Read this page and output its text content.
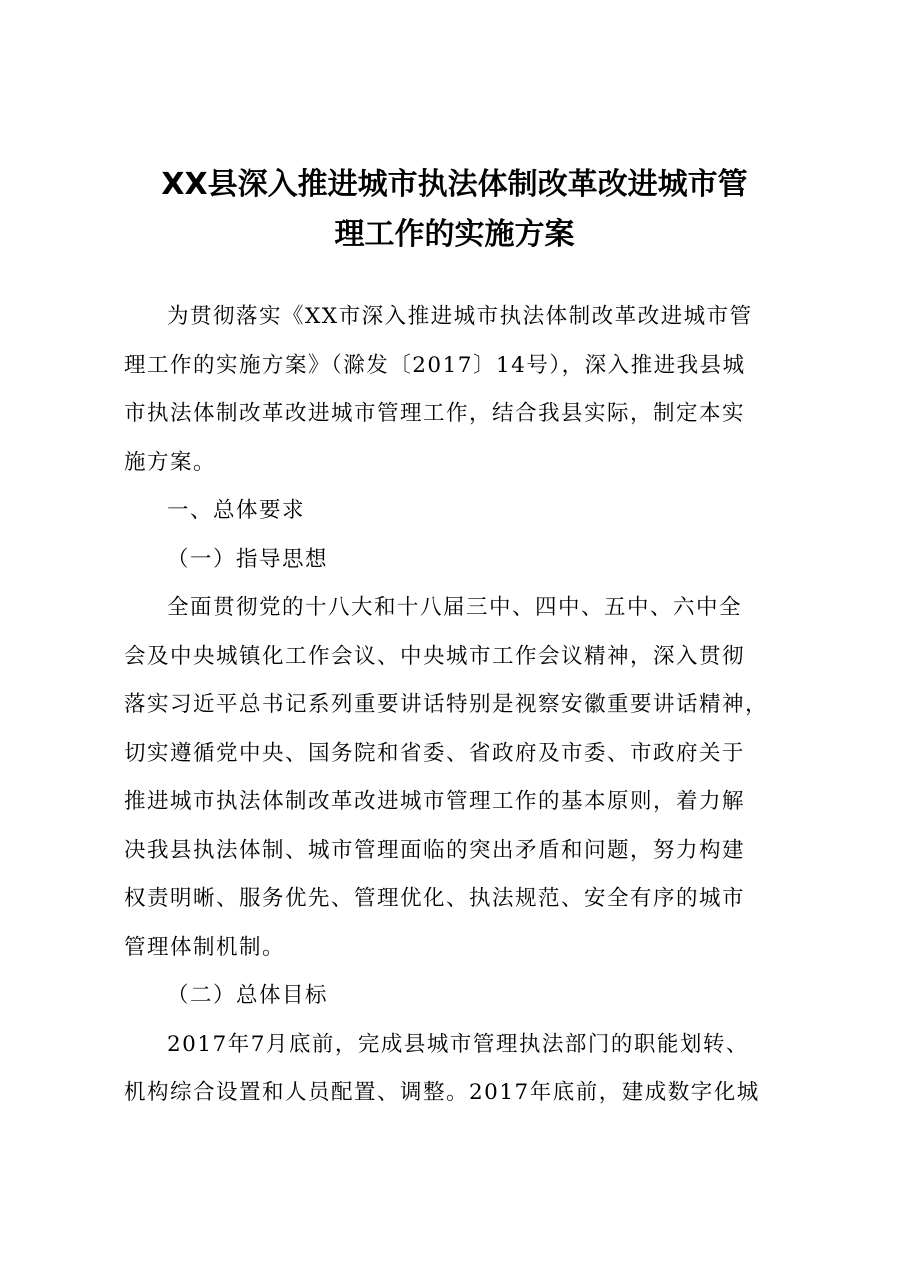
XX县深入推进城市执法体制改革改进城市管
理工作的实施方案

为贯彻落实《XX市深入推进城市执法体制改革改进城市管
理工作的实施方案》（滁发〔2017〕14号），深入推进我县城
市执法体制改革改进城市管理工作，结合我县实际，制定本实
施方案。

一、总体要求

（一）指导思想

全面贯彻党的十八大和十八届三中、四中、五中、六中全
会及中央城镇化工作会议、中央城市工作会议精神，深入贯彻
落实习近平总书记系列重要讲话特别是视察安徽重要讲话精神，
切实遵循党中央、国务院和省委、省政府及市委、市政府关于
推进城市执法体制改革改进城市管理工作的基本原则，着力解
决我县执法体制、城市管理面临的突出矛盾和问题，努力构建
权责明晰、服务优先、管理优化、执法规范、安全有序的城市
管理体制机制。

（二）总体目标

2017年7月底前，完成县城市管理执法部门的职能划转、
机构综合设置和人员配置、调整。2017年底前，建成数字化城
